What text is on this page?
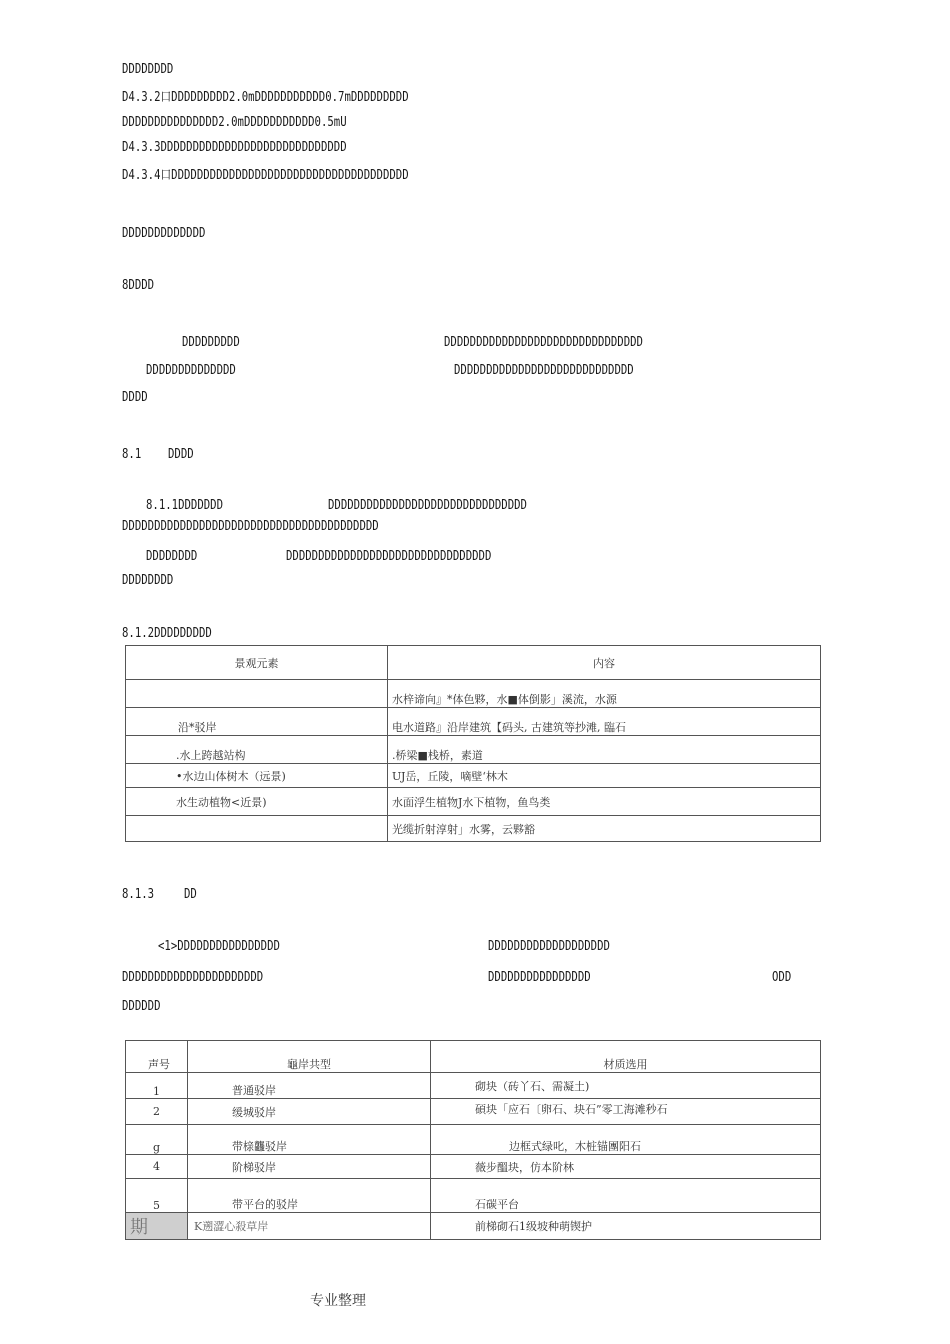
DDDDDDDD
D4.3.2口DDDDDDDDD2.0mDDDDDDDDDDD0.7mDDDDDDDDD
DDDDDDDDDDDDDDD2.0mDDDDDDDDDDD0.5mU
D4.3.3DDDDDDDDDDDDDDDDDDDDDDDDDDDDD
D4.3.4口DDDDDDDDDDDDDDDDDDDDDDDDDDDDDDDDDDDDD
DDDDDDDDDDDDD
8DDDD
DDDDDDDDD	DDDDDDDDDDDDDDDDDDDDDDDDDDDDDDD
DDDDDDDDDDDDDD	DDDDDDDDDDDDDDDDDDDDDDDDDDDD
DDDD
8.1 DDDD
8.1.1DDDDDDD	DDDDDDDDDDDDDDDDDDDDDDDDDDDDDDD
DDDDDDDDDDDDDDDDDDDDDDDDDDDDDDDDDDDDDDDD
DDDDDDDD	DDDDDDDDDDDDDDDDDDDDDDDDDDDDDDDD
DDDDDDDD
8.1.2DDDDDDDDD
景观元素	内容

	水梓谛向』*体色夥，水■体倒影」溪流，水源

沿*驳岸	电水道路』沿岸建筑【码头, 古建筑等抄滩, 臨石

.水上跨越站构	.桥梁■栈桥，素道

•水边山体树木（远景)	UJ岳，丘陵，嘀壁‘林木

水生动植物<近景)	水面浮生植物J水下植物，鱼鸟类

	光缆折射淳射」水雾，云夥豁
8.1.3 DD
<1>DDDDDDDDDDDDDDDD	DDDDDDDDDDDDDDDDDDD
DDDDDDDDDDDDDDDDDDDDDD	DDDDDDDDDDDDDDDD	ODD
DDDDDD
声号	龜岸共型	材质选用
1	普通驳岸	砌块（砖丫石、需凝土)

2	缓城驳岸	碩块「应石〔卵石、块石”零工海滩秒石

g	带榇龘驳岸	边框式绿叱，木桩锚團阳石

4	阶梯驳岸	薇步醞块，仿本阶林

5	带平台的驳岸	石碳平台

期	K遡澀心殺草岸	前梯砌石1级坡种萌锲护
专业整理
